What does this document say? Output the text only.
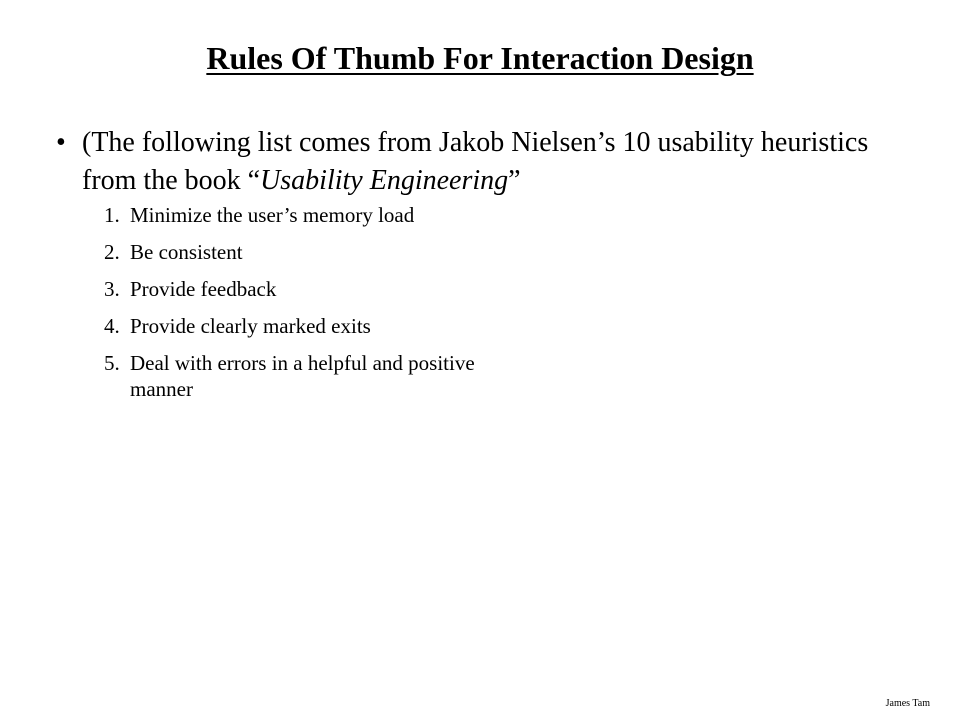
Rules Of Thumb For Interaction Design
• (The following list comes from Jakob Nielsen’s 10 usability heuristics from the book “Usability Engineering”
1. Minimize the user’s memory load
2. Be consistent
3. Provide feedback
4. Provide clearly marked exits
5. Deal with errors in a helpful and positive manner
James Tam
